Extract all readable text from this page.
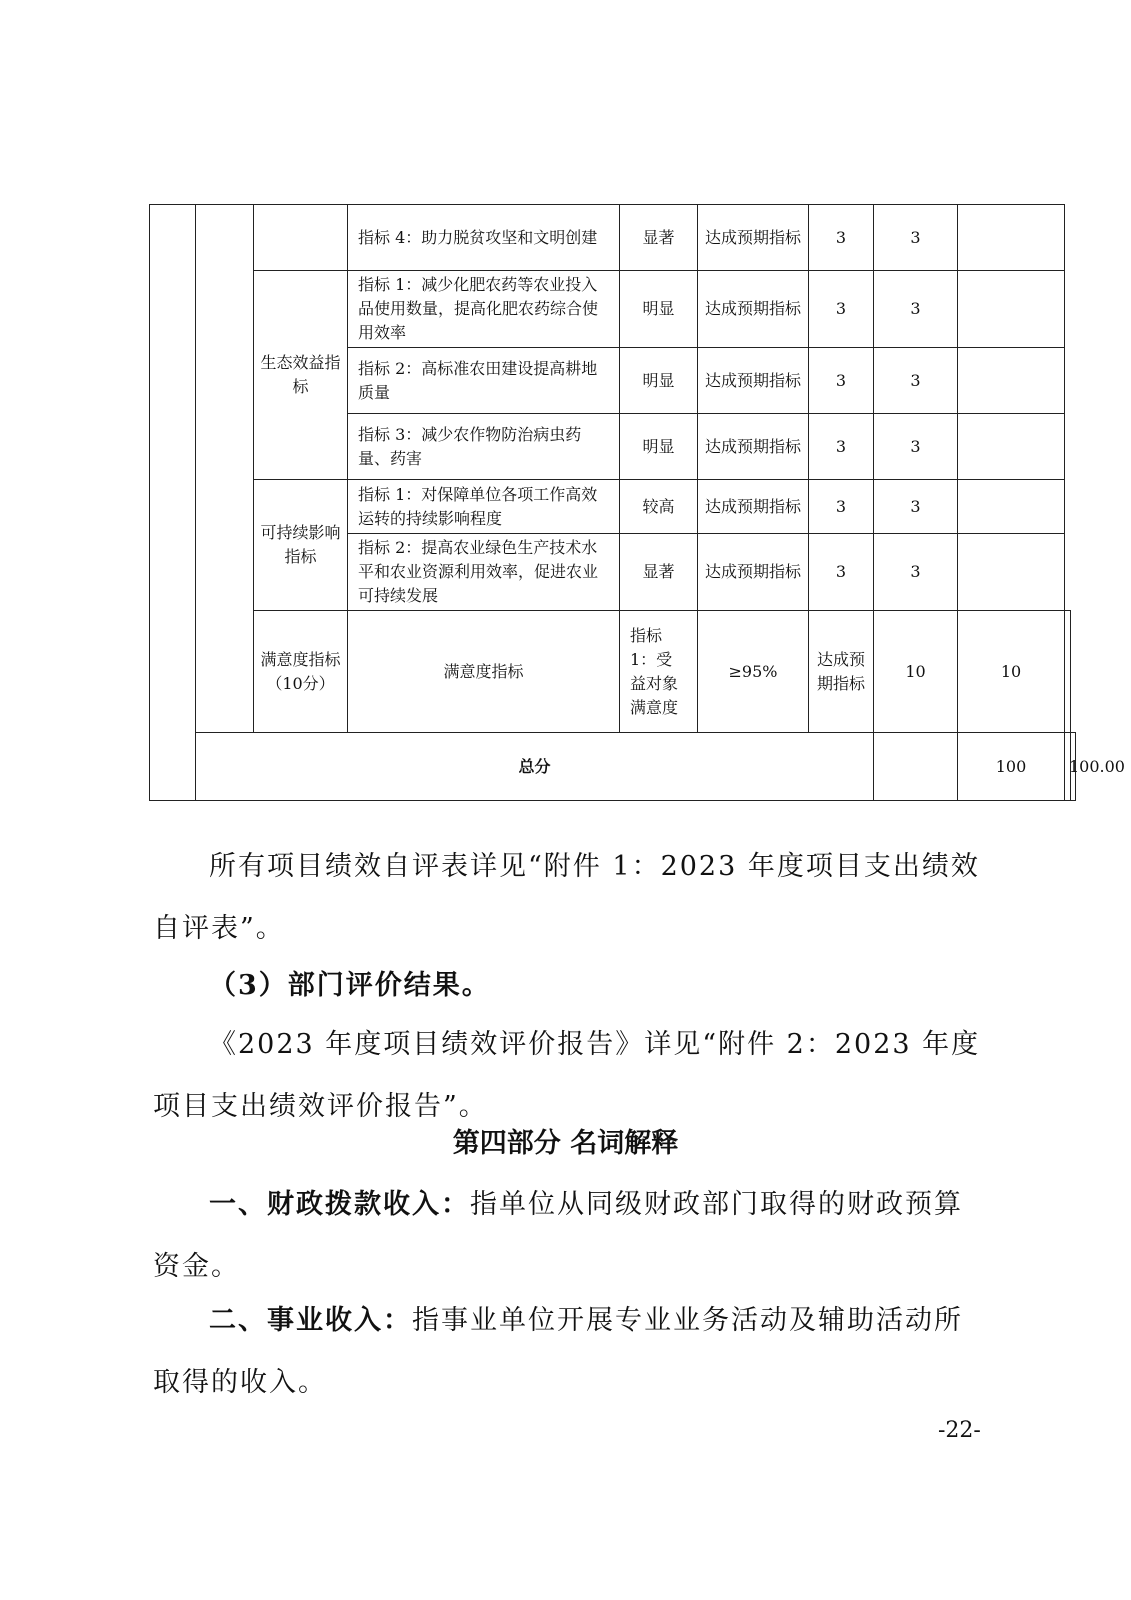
			指标 4：助力脱贫攻坚和文明创建	显著	达成预期指标	3	3			
		生态效益指标	指标 1：减少化肥农药等农业投入品使用数量，提高化肥农药综合使用效率	明显	达成预期指标	3	3			
			指标 2：高标准农田建设提高耕地质量	明显	达成预期指标	3	3			
			指标 3：减少农作物防治病虫药量、药害	明显	达成预期指标	3	3			
		可持续影响指标	指标 1：对保障单位各项工作高效运转的持续影响程度	较高	达成预期指标	3	3			
			指标 2：提高农业绿色生产技术水平和农业资源利用效率，促进农业可持续发展	显著	达成预期指标	3	3			
		满意度指标（10分）	满意度指标	指标 1：受益对象满意度	≥95%	达成预期指标	10	10		
	总分							100	100.00	

所有项目绩效自评表详见“附件 1：2023 年度项目支出绩效自评表”。

（3）部门评价结果。

《2023 年度项目绩效评价报告》详见“附件 2：2023 年度项目支出绩效评价报告”。

第四部分 名词解释

一、财政拨款收入：指单位从同级财政部门取得的财政预算资金。

二、事业收入：指事业单位开展专业业务活动及辅助活动所取得的收入。

-22-
